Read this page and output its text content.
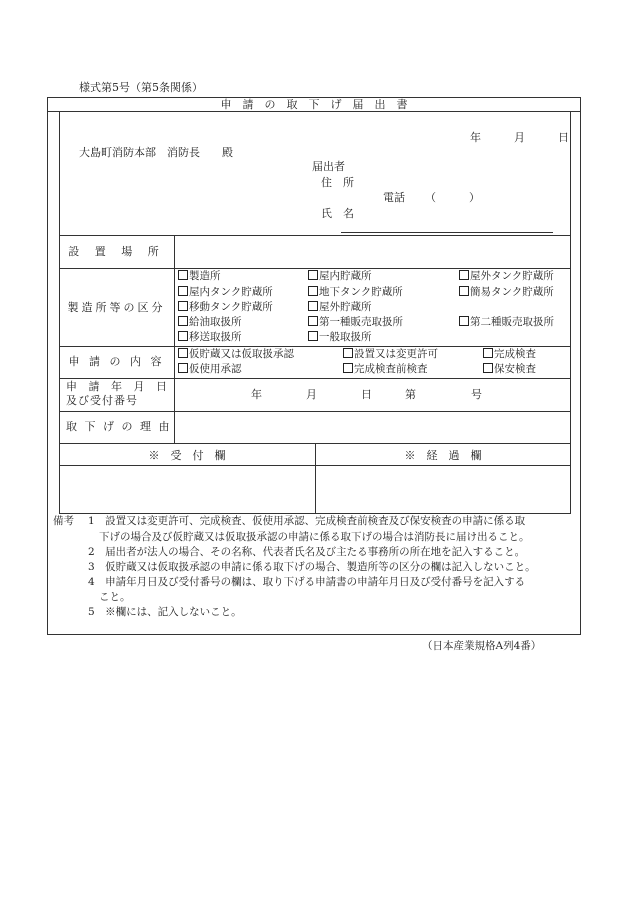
様式第5号（第5条関係）
申　請　の　取　下　げ　届　出　書
年　　　月　　　日
大島町消防本部　消防長　　殿
届出者
住　所
電話 （　　　）
氏　名
設 置 場 所
製造所等の区分
製造所	屋内貯蔵所	屋外タンク貯蔵所
屋内タンク貯蔵所	地下タンク貯蔵所	簡易タンク貯蔵所
移動タンク貯蔵所	屋外貯蔵所
給油取扱所	第一種販売取扱所	第二種販売取扱所
移送取扱所	一般取扱所
申 請 の 内 容
仮貯蔵又は仮取扱承認	設置又は変更許可	完成検査
仮使用承認	完成検査前検査	保安検査
申 請 年 月 日
及び受付番号	年　　　　月　　　　日　　　第　　　　　号
取 下 げ の 理 由
※　受　付　欄	※　経　過　欄
備考 1　設置又は変更許可、完成検査、仮使用承認、完成検査前検査及び保安検査の申請に係る取
下げの場合及び仮貯蔵又は仮取扱承認の申請に係る取下げの場合は消防長に届け出ること。
2　届出者が法人の場合、その名称、代表者氏名及び主たる事務所の所在地を記入すること。
3　仮貯蔵又は仮取扱承認の申請に係る取下げの場合、製造所等の区分の欄は記入しないこと。
4　申請年月日及び受付番号の欄は、取り下げる申請書の申請年月日及び受付番号を記入する
こと。
5　※欄には、記入しないこと。
（日本産業規格A列4番）
